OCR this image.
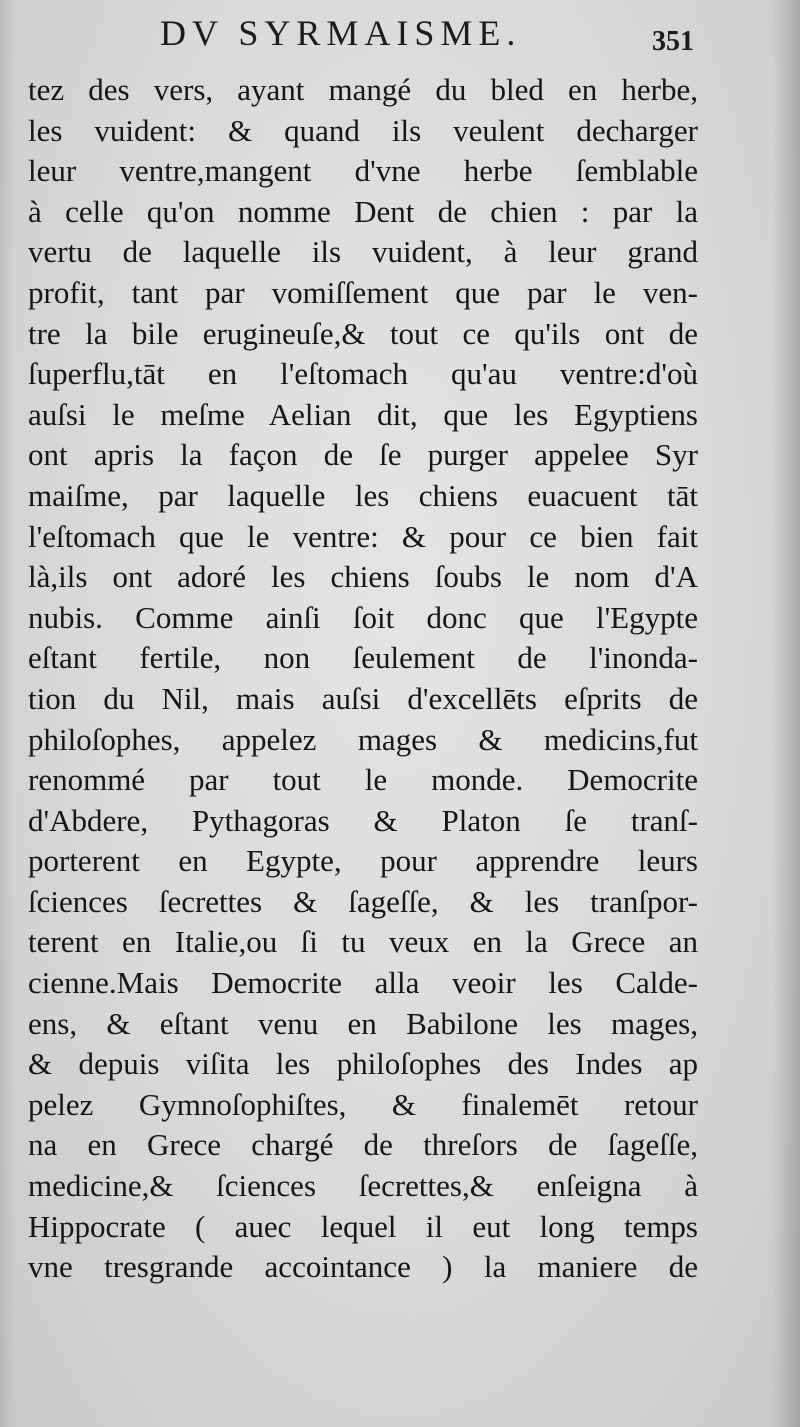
DV SYRMAISME.	351
tez des vers, ayant mangé du bled en herbe,
les vuident: & quand ils veulent decharger
leur ventre,mangent d'vne herbe ſemblable
à celle qu'on nomme Dent de chien : par la
vertu de laquelle ils vuident, à leur grand
profit, tant par vomiſſement que par le ven-
tre la bile erugineuſe,& tout ce qu'ils ont de
ſuperflu,tāt en l'eſtomach qu'au ventre:d'où
auſsi le meſme Aelian dit, que les Egyptiens
ont apris la façon de ſe purger appelee Syr
maiſme, par laquelle les chiens euacuent tāt
l'eſtomach que le ventre: & pour ce bien fait
là,ils ont adoré les chiens ſoubs le nom d'A
nubis. Comme ainſi ſoit donc que l'Egypte
eſtant fertile, non ſeulement de l'inonda-
tion du Nil, mais auſsi d'excellēts eſprits de
philoſophes, appelez mages & medicins,fut
renommé par tout le monde. Democrite
d'Abdere, Pythagoras & Platon ſe tranſ-
porterent en Egypte, pour apprendre leurs
ſciences ſecrettes & ſageſſe, & les tranſpor-
terent en Italie,ou ſi tu veux en la Grece an
cienne.Mais Democrite alla veoir les Calde-
ens, & eſtant venu en Babilone les mages,
& depuis viſita les philoſophes des Indes ap
pelez Gymnoſophiſtes, & finalemēt retour
na en Grece chargé de threſors de ſageſſe,
medicine,& ſciences ſecrettes,& enſeigna à
Hippocrate ( auec lequel il eut long temps
vne tresgrande accointance ) la maniere de
